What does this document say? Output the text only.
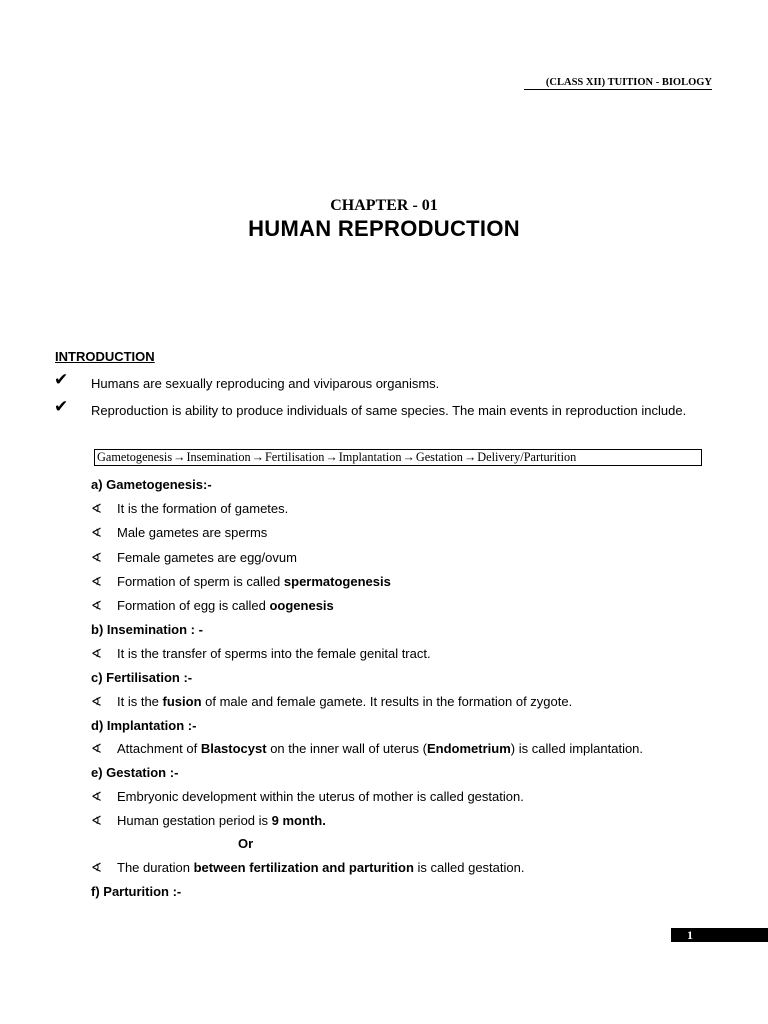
(CLASS XII) TUITION - BIOLOGY
CHAPTER - 01
HUMAN REPRODUCTION
INTRODUCTION
✔ Humans are sexually reproducing and viviparous organisms.
✔ Reproduction is ability to produce individuals of same species. The main events in reproduction include.
Gametogenesis→Insemination→Fertilisation→Implantation→Gestation→Delivery/Parturition
a) Gametogenesis:-
∢ It is the formation of gametes.
∢ Male gametes are sperms
∢ Female gametes are egg/ovum
∢ Formation of sperm is called spermatogenesis
∢ Formation of egg is called oogenesis
b) Insemination : -
∢ It is the transfer of sperms into the female genital tract.
c) Fertilisation :-
∢ It is the fusion of male and female gamete. It results in the formation of zygote.
d) Implantation :-
∢ Attachment of Blastocyst on the inner wall of uterus (Endometrium) is called implantation.
e) Gestation :-
∢ Embryonic development within the uterus of mother is called gestation.
∢ Human gestation period is 9 month.
Or
∢ The duration between fertilization and parturition is called gestation.
f) Parturition :-
1
